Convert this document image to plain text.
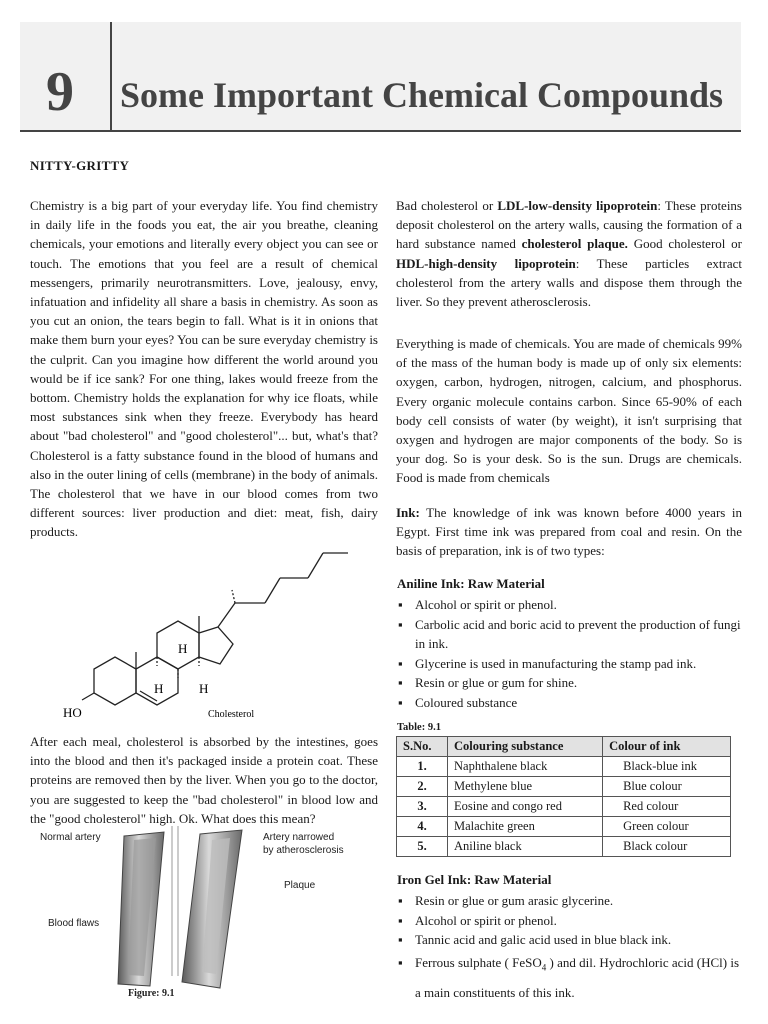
9 Some Important Chemical Compounds
NITTY-GRITTY
Chemistry is a big part of your everyday life. You find chemistry in daily life in the foods you eat, the air you breathe, cleaning chemicals, your emotions and literally every object you can see or touch. The emotions that you feel are a result of chemical messengers, primarily neurotransmitters. Love, jealousy, envy, infatuation and infidelity all share a basis in chemistry. As soon as you cut an onion, the tears begin to fall. What is it in onions that make them burn your eyes? You can be sure everyday chemistry is the culprit. Can you imagine how different the world around you would be if ice sank? For one thing, lakes would freeze from the bottom. Chemistry holds the explanation for why ice floats, while most substances sink when they freeze. Everybody has heard about "bad cholesterol" and "good cholesterol"... but, what's that? Cholesterol is a fatty substance found in the blood of humans and also in the outer lining of cells (membrane) in the body of animals. The cholesterol that we have in our blood comes from two different sources: liver production and diet: meat, fish, dairy products.
HO
H
H	H
Cholesterol
After each meal, cholesterol is absorbed by the intestines, goes into the blood and then it's packaged inside a protein coat. These proteins are removed then by the liver. When you go to the doctor, you are suggested to keep the "bad cholesterol" in blood low and the "good cholesterol" high. Ok. What does this mean?
Normal artery	Artery narrowed
by atherosclerosis
Plaque
Blood flaws
Figure: 9.1
Bad cholesterol or LDL-low-density lipoprotein: These proteins deposit cholesterol on the artery walls, causing the formation of a hard substance named cholesterol plaque. Good cholesterol or HDL-high-density lipoprotein: These particles extract cholesterol from the artery walls and dispose them through the liver. So they prevent atherosclerosis.
Everything is made of chemicals. You are made of chemicals 99% of the mass of the human body is made up of only six elements: oxygen, carbon, hydrogen, nitrogen, calcium, and phosphorus. Every organic molecule contains carbon. Since 65-90% of each body cell consists of water (by weight), it isn't surprising that oxygen and hydrogen are major components of the body. So is your dog. So is your desk. So is the sun. Drugs are chemicals. Food is made from chemicals
Ink: The knowledge of ink was known before 4000 years in Egypt. First time ink was prepared from coal and resin. On the basis of preparation, ink is of two types:
Aniline Ink: Raw Material
▪ Alcohol or spirit or phenol.
▪ Carbolic acid and boric acid to prevent the production of fungi in ink.
▪ Glycerine is used in manufacturing the stamp pad ink.
▪ Resin or glue or gum for shine.
▪ Coloured substance
Table: 9.1
S.No.	Colouring substance	Colour of ink
1.	Naphthalene black	Black-blue ink
2.	Methylene blue	Blue colour
3.	Eosine and congo red	Red colour
4.	Malachite green	Green colour
5.	Aniline black	Black colour
Iron Gel Ink: Raw Material
▪ Resin or glue or gum arasic glycerine.
▪ Alcohol or spirit or phenol.
▪ Tannic acid and galic acid used in blue black ink.
▪ Ferrous sulphate ( FeSO$_4$ ) and dil. Hydrochloric acid (HCl) is a main constituents of this ink.
